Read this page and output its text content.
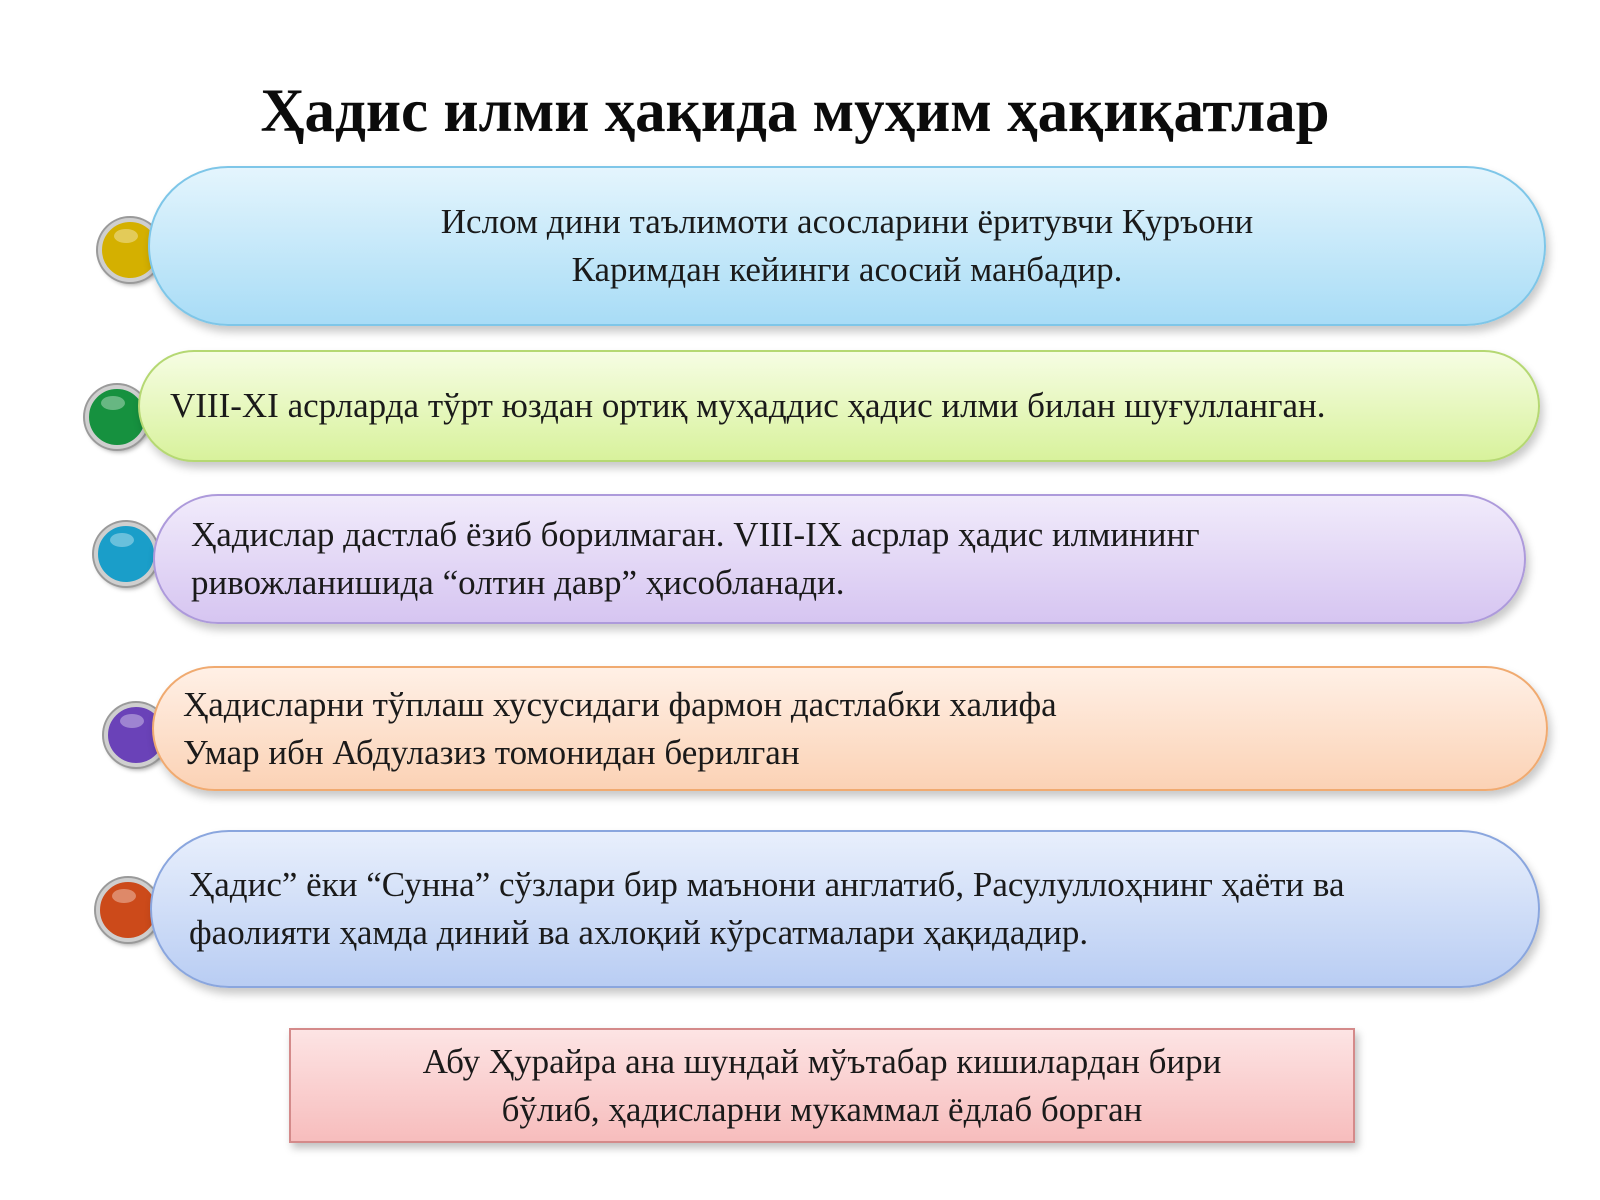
Ҳадис илми ҳақида муҳим ҳақиқатлар
Ислом дини таълимоти асосларини ёритувчи Қуръони
Каримдан кейинги асосий манбадир.
VIII-XI асрларда тўрт юздан ортиқ муҳаддис ҳадис илми билан шуғулланган.
Ҳадислар дастлаб ёзиб борилмаган. VIII-IX асрлар ҳадис илмининг
ривожланишида “олтин давр” ҳисобланади.
Ҳадисларни тўплаш хусусидаги фармон дастлабки халифа
Умар ибн Абдулазиз томонидан берилган
Ҳадис” ёки “Сунна” сўзлари бир маънони англатиб, Расулуллоҳнинг ҳаёти ва
фаолияти ҳамда диний ва ахлоқий кўрсатмалари ҳақидадир.
Абу Ҳурайра ана шундай мўътабар кишилардан бири
бўлиб, ҳадисларни мукаммал ёдлаб борган
